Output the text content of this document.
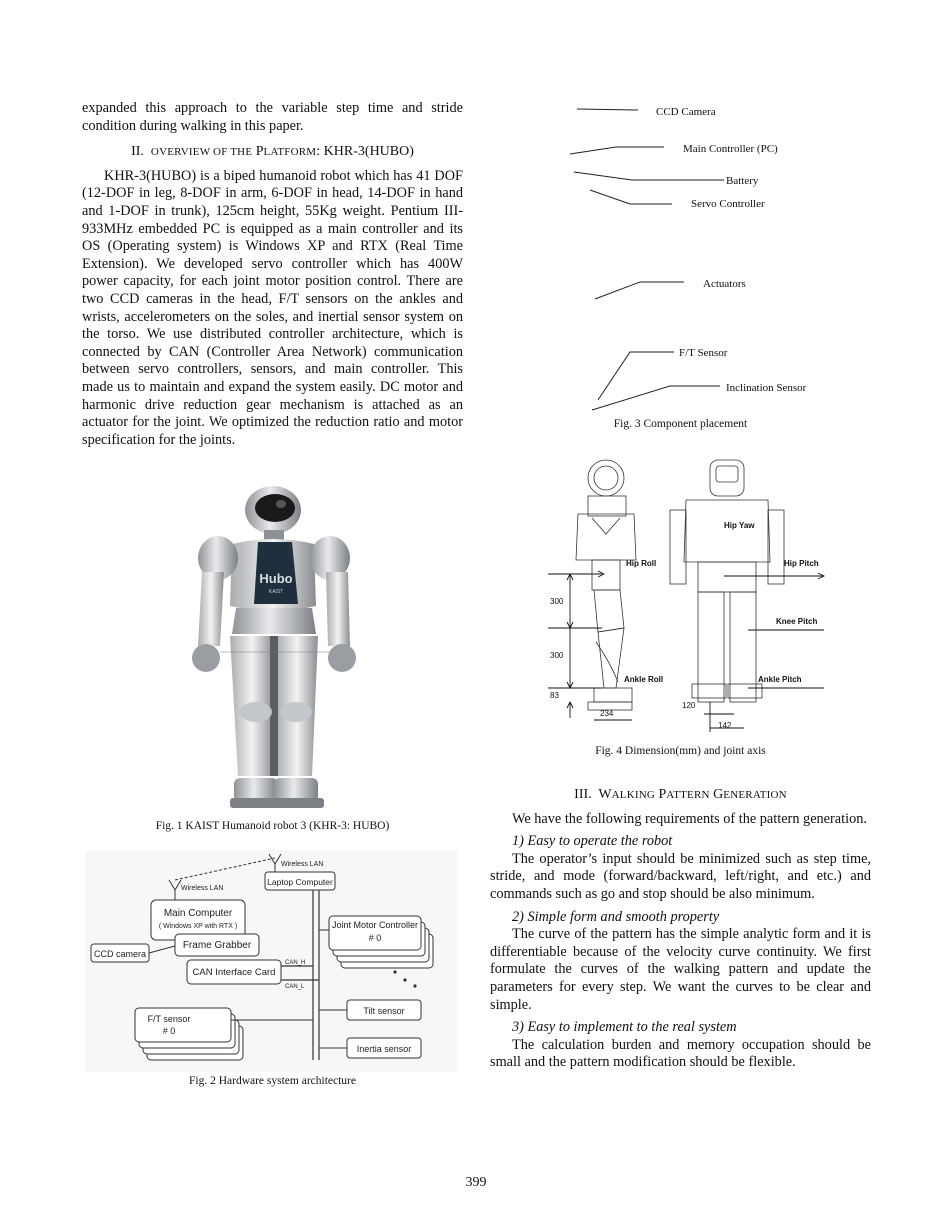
expanded this approach to the variable step time and stride condition during walking in this paper.

II. OVERVIEW OF THE PLATFORM: KHR-3(HUBO)

KHR-3(HUBO) is a biped humanoid robot which has 41 DOF (12-DOF in leg, 8-DOF in arm, 6-DOF in head, 14-DOF in hand and 1-DOF in trunk), 125cm height, 55Kg weight. Pentium III-933MHz embedded PC is equipped as a main controller and its OS (Operating system) is Windows XP and RTX (Real Time Extension). We developed servo controller which has 400W power capacity, for each joint motor position control. There are two CCD cameras in the head, F/T sensors on the ankles and wrists, accelerometers on the soles, and inertial sensor system on the torso. We use distributed controller architecture, which is connected by CAN (Controller Area Network) communication between servo controllers, sensors, and main controller. This made us to maintain and expand the system easily. DC motor and harmonic drive reduction gear mechanism is attached as an actuator for the joint. We optimized the reduction ratio and motor specification for the joints.

Hubo
KAIST
Fig. 1 KAIST Humanoid robot 3 (KHR-3: HUBO)
Wireless LAN
Wireless LAN
Laptop Computer
Main Computer
( Windows XP with RTX )
Frame Grabber
CAN Interface Card
CCD camera
CAN_H
CAN_L
Joint Motor Controller
# 0
Tilt sensor
Inertia sensor
F/T sensor
# 0
Fig. 2 Hardware system architecture
CCD Camera
Main Controller (PC)
Battery
Servo Controller
Actuators
F/T Sensor
Inclination Sensor
Fig. 3 Component placement
Hip Yaw
Hip Roll	Hip Pitch
Knee Pitch
Ankle Roll	Ankle Pitch
300
300
83
234
120
142
Fig. 4 Dimension(mm) and joint axis
III. WALKING PATTERN GENERATION

We have the following requirements of the pattern generation.

1) Easy to operate the robot

The operator’s input should be minimized such as step time, stride, and mode (forward/backward, left/right, and etc.) and commands such as go and stop should be also minimum.

2) Simple form and smooth property

The curve of the pattern has the simple analytic form and it is differentiable because of the velocity curve continuity. We first formulate the curves of the walking pattern and update the parameters for every step. We want the curves to be clear and simple.

3) Easy to implement to the real system

The calculation burden and memory occupation should be small and the pattern modification should be flexible.

399
